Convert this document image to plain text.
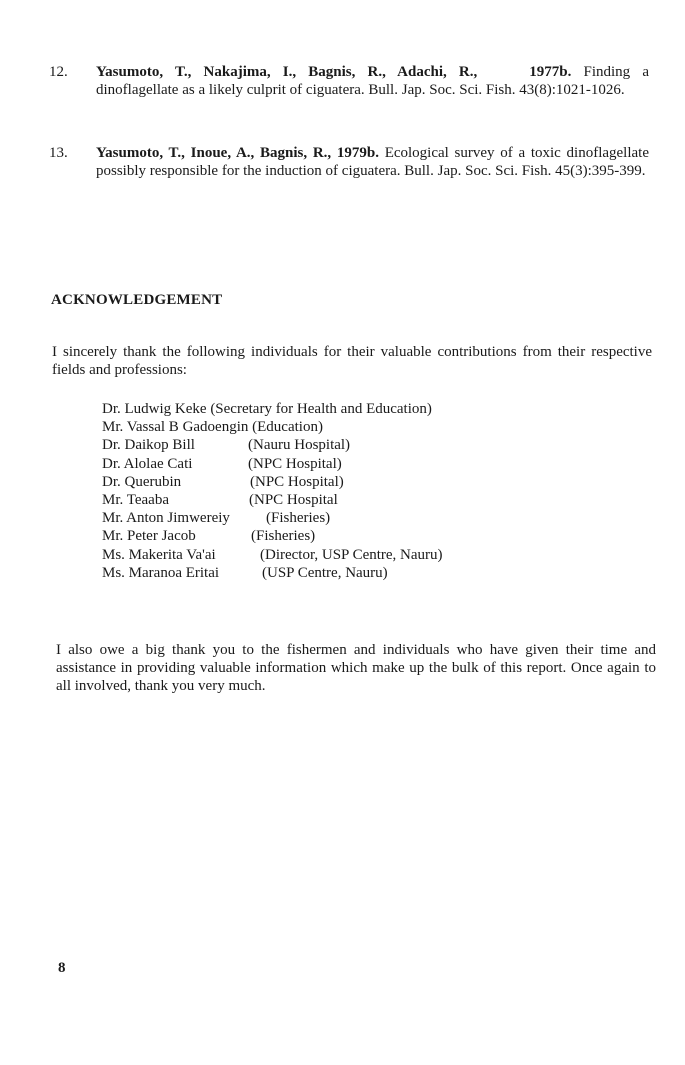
12. Yasumoto, T., Nakajima, I., Bagnis, R., Adachi, R.,	1977b. Finding a dinoflagellate as a likely culprit of ciguatera. Bull. Jap. Soc. Sci. Fish. 43(8):1021-1026.
13. Yasumoto, T., Inoue, A., Bagnis, R., 1979b. Ecological survey of a toxic dinoflagellate possibly responsible for the induction of ciguatera. Bull. Jap. Soc. Sci. Fish. 45(3):395-399.
ACKNOWLEDGEMENT
I sincerely thank the following individuals for their valuable contributions from their respective fields and professions:
Dr. Ludwig Keke (Secretary for Health and Education)
Mr. Vassal B Gadoengin (Education)
Dr. Daikop Bill	(Nauru Hospital)
Dr. Alolae Cati	(NPC Hospital)
Dr. Querubin	(NPC Hospital)
Mr. Teaaba	(NPC Hospital
Mr. Anton Jimwereiy (Fisheries)
Mr. Peter Jacob	(Fisheries)
Ms. Makerita Va'ai	(Director, USP Centre, Nauru)
Ms. Maranoa Eritai	(USP Centre, Nauru)
I also owe a big thank you to the fishermen and individuals who have given their time and assistance in providing valuable information which make up the bulk of this report. Once again to all involved, thank you very much.
8
